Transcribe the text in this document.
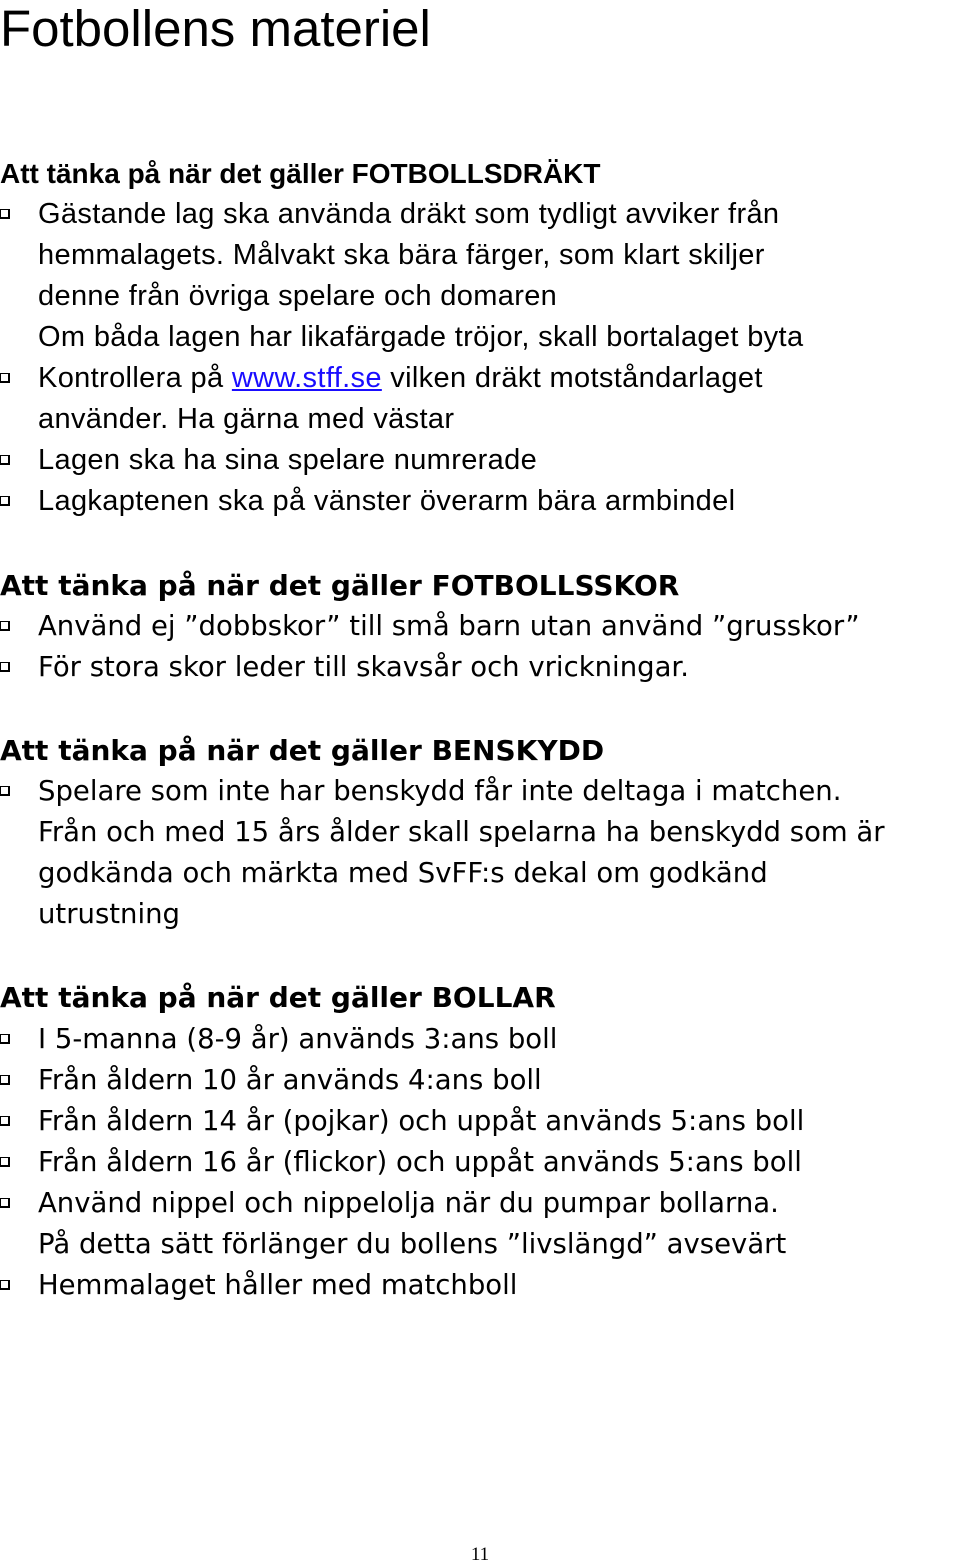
Fotbollens materiel
Att tänka på när det gäller FOTBOLLSDRÄKT
Gästande lag ska använda dräkt som tydligt avviker från
hemmalagets. Målvakt ska bära färger, som klart skiljer
denne från övriga spelare och domaren
Om båda lagen har likafärgade tröjor, skall bortalaget byta
Kontrollera på www.stff.se vilken dräkt motståndarlaget
använder. Ha gärna med västar
Lagen ska ha sina spelare numrerade
Lagkaptenen ska på vänster överarm bära armbindel
Att tänka på när det gäller FOTBOLLSSKOR
Använd ej ”dobbskor” till små barn utan använd ”grusskor”
För stora skor leder till skavsår och vrickningar.
Att tänka på när det gäller BENSKYDD
Spelare som inte har benskydd får inte deltaga i matchen.
Från och med 15 års ålder skall spelarna ha benskydd som är
godkända och märkta med SvFF:s dekal om godkänd
utrustning
Att tänka på när det gäller BOLLAR
I 5-manna (8-9 år) används 3:ans boll
Från åldern 10 år används 4:ans boll
Från åldern 14 år (pojkar) och uppåt används 5:ans boll
Från åldern 16 år (flickor) och uppåt används 5:ans boll
Använd nippel och nippelolja när du pumpar bollarna.
På detta sätt förlänger du bollens ”livslängd” avsevärt
Hemmalaget håller med matchboll
11
